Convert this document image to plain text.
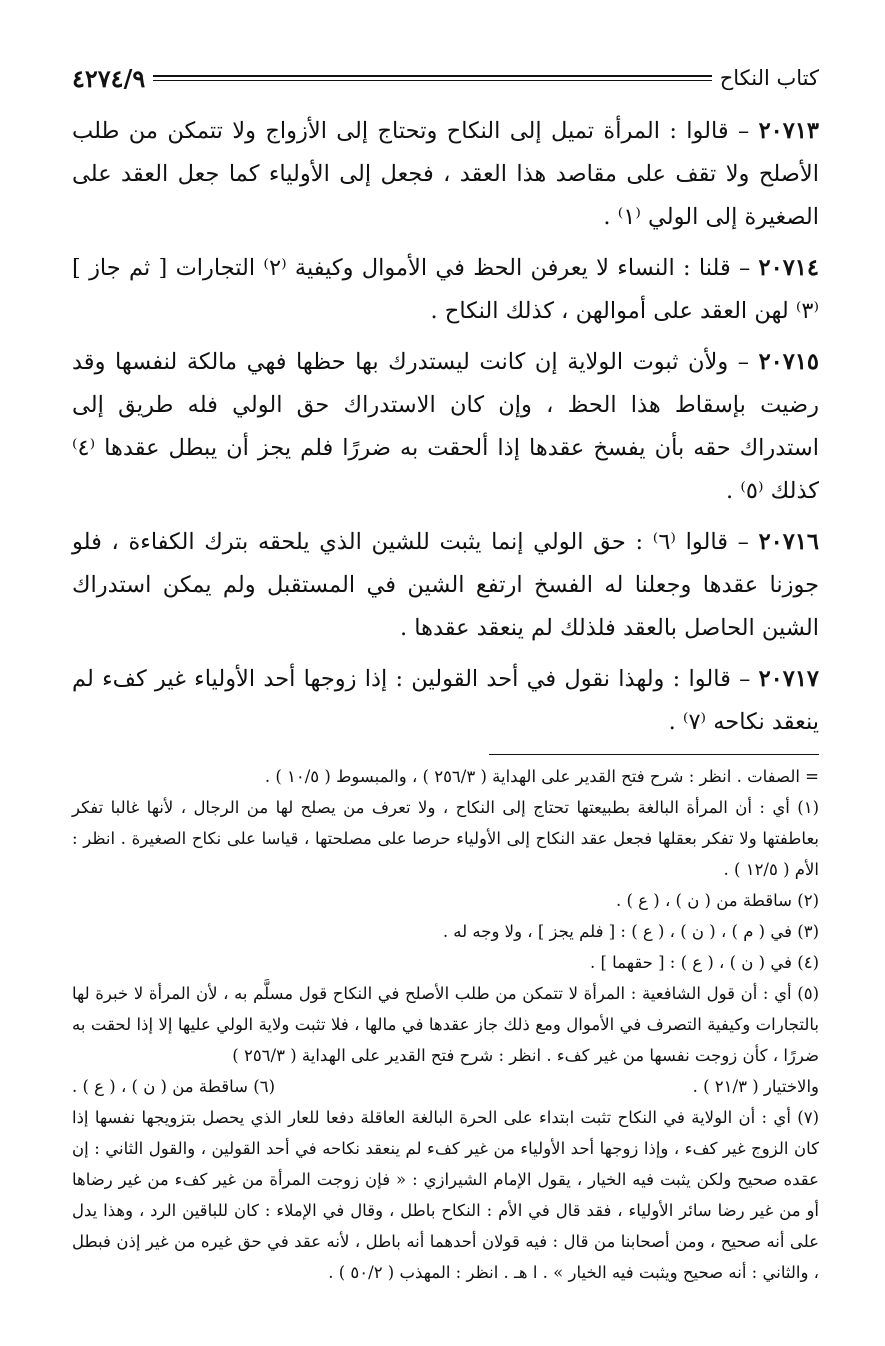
٤٢٧٤/٩	كتاب النكاح

٢٠٧١٣ – قالوا : المرأة تميل إلى النكاح وتحتاج إلى الأزواج ولا تتمكن من طلب الأصلح ولا تقف على مقاصد هذا العقد ، فجعل إلى الأولياء كما جعل العقد على الصغيرة إلى الولي ⁽١⁾ .

٢٠٧١٤ – قلنا : النساء لا يعرفن الحظ في الأموال وكيفية ⁽٢⁾ التجارات [ ثم جاز ] ⁽٣⁾ لهن العقد على أموالهن ، كذلك النكاح .

٢٠٧١٥ – ولأن ثبوت الولاية إن كانت ليستدرك بها حظها فهي مالكة لنفسها وقد رضيت بإسقاط هذا الحظ ، وإن كان الاستدراك حق الولي فله طريق إلى استدراك حقه بأن يفسخ عقدها إذا ألحقت به ضررًا فلم يجز أن يبطل عقدها ⁽٤⁾ كذلك ⁽٥⁾ .

٢٠٧١٦ – قالوا ⁽٦⁾ : حق الولي إنما يثبت للشين الذي يلحقه بترك الكفاءة ، فلو جوزنا عقدها وجعلنا له الفسخ ارتفع الشين في المستقبل ولم يمكن استدراك الشين الحاصل بالعقد فلذلك لم ينعقد عقدها .

٢٠٧١٧ – قالوا : ولهذا نقول في أحد القولين : إذا زوجها أحد الأولياء غير كفء لم ينعقد نكاحه ⁽٧⁾ .

= الصفات . انظر : شرح فتح القدير على الهداية ( ٢٥٦/٣ ) ، والمبسوط ( ١٠/٥ ) .

(١) أي : أن المرأة البالغة بطبيعتها تحتاج إلى النكاح ، ولا تعرف من يصلح لها من الرجال ، لأنها غالبا تفكر بعاطفتها ولا تفكر بعقلها فجعل عقد النكاح إلى الأولياء حرصا على مصلحتها ، قياسا على نكاح الصغيرة . انظر : الأم ( ١٢/٥ ) .

(٢) ساقطة من ( ن ) ، ( ع ) .

(٣) في ( م ) ، ( ن ) ، ( ع ) : [ فلم يجز ] ، ولا وجه له .

(٤) في ( ن ) ، ( ع ) : [ حقهما ] .

(٥) أي : أن قول الشافعية : المرأة لا تتمكن من طلب الأصلح في النكاح قول مسلَّم به ، لأن المرأة لا خبرة لها بالتجارات وكيفية التصرف في الأموال ومع ذلك جاز عقدها في مالها ، فلا تثبت ولاية الولي عليها إلا إذا لحقت به ضررًا ، كأن زوجت نفسها من غير كفء . انظر : شرح فتح القدير على الهداية ( ٢٥٦/٣ )

والاختيار ( ٢١/٣ ) .
(٦) ساقطة من ( ن ) ، ( ع ) .

(٧) أي : أن الولاية في النكاح تثبت ابتداء على الحرة البالغة العاقلة دفعا للعار الذي يحصل بتزويجها نفسها إذا كان الزوج غير كفء ، وإذا زوجها أحد الأولياء من غير كفء لم ينعقد نكاحه في أحد القولين ، والقول الثاني : إن عقده صحيح ولكن يثبت فيه الخيار ، يقول الإمام الشيرازي : « فإن زوجت المرأة من غير كفء من غير رضاها أو من غير رضا سائر الأولياء ، فقد قال في الأم : النكاح باطل ، وقال في الإملاء : كان للباقين الرد ، وهذا يدل على أنه صحيح ، ومن أصحابنا من قال : فيه قولان أحدهما أنه باطل ، لأنه عقد في حق غيره من غير إذن فبطل ، والثاني : أنه صحيح ويثبت فيه الخيار » . ا هـ . انظر : المهذب ( ٥٠/٢ ) .
